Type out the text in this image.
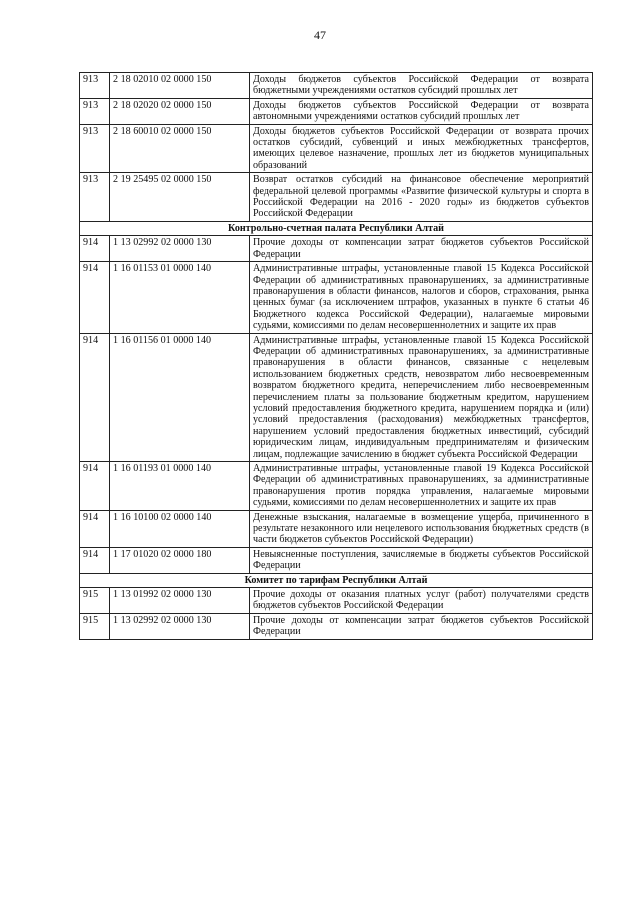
47
913	2 18 02010 02 0000 150	Доходы бюджетов субъектов Российской Федерации от возврата бюджетными учреждениями остатков субсидий прошлых лет
913	2 18 02020 02 0000 150	Доходы бюджетов субъектов Российской Федерации от возврата автономными учреждениями остатков субсидий прошлых лет
913	2 18 60010 02 0000 150	Доходы бюджетов субъектов Российской Федерации от возврата прочих остатков субсидий, субвенций и иных межбюджетных трансфертов, имеющих целевое назначение, прошлых лет из бюджетов муниципальных образований
913	2 19 25495 02 0000 150	Возврат остатков субсидий на финансовое обеспечение мероприятий федеральной целевой программы «Развитие физической культуры и спорта в Российской Федерации на 2016 - 2020 годы» из бюджетов субъектов Российской Федерации
Контрольно-счетная палата Республики Алтай		
914	1 13 02992 02 0000 130	Прочие доходы от компенсации затрат бюджетов субъектов Российской Федерации
914	1 16 01153 01 0000 140	Административные штрафы, установленные главой 15 Кодекса Российской Федерации об административных правонарушениях, за административные правонарушения в области финансов, налогов и сборов, страхования, рынка ценных бумаг (за исключением штрафов, указанных в пункте 6 статьи 46 Бюджетного кодекса Российской Федерации), налагаемые мировыми судьями, комиссиями по делам несовершеннолетних и защите их прав
914	1 16 01156 01 0000 140	Административные штрафы, установленные главой 15 Кодекса Российской Федерации об административных правонарушениях, за административные правонарушения в области финансов, связанные с нецелевым использованием бюджетных средств, невозвратом либо несвоевременным возвратом бюджетного кредита, неперечислением либо несвоевременным перечислением платы за пользование бюджетным кредитом, нарушением условий предоставления бюджетного кредита, нарушением порядка и (или) условий предоставления (расходования) межбюджетных трансфертов, нарушением условий предоставления бюджетных инвестиций, субсидий юридическим лицам, индивидуальным предпринимателям и физическим лицам, подлежащие зачислению в бюджет субъекта Российской Федерации
914	1 16 01193 01 0000 140	Административные штрафы, установленные главой 19 Кодекса Российской Федерации об административных правонарушениях, за административные правонарушения против порядка управления, налагаемые мировыми судьями, комиссиями по делам несовершеннолетних и защите их прав
914	1 16 10100 02 0000 140	Денежные взыскания, налагаемые в возмещение ущерба, причиненного в результате незаконного или нецелевого использования бюджетных средств (в части бюджетов субъектов Российской Федерации)
914	1 17 01020 02 0000 180	Невыясненные поступления, зачисляемые в бюджеты субъектов Российской Федерации
Комитет по тарифам Республики Алтай		
915	1 13 01992 02 0000 130	Прочие доходы от оказания платных услуг (работ) получателями средств бюджетов субъектов Российской Федерации
915	1 13 02992 02 0000 130	Прочие доходы от компенсации затрат бюджетов субъектов Российской Федерации
